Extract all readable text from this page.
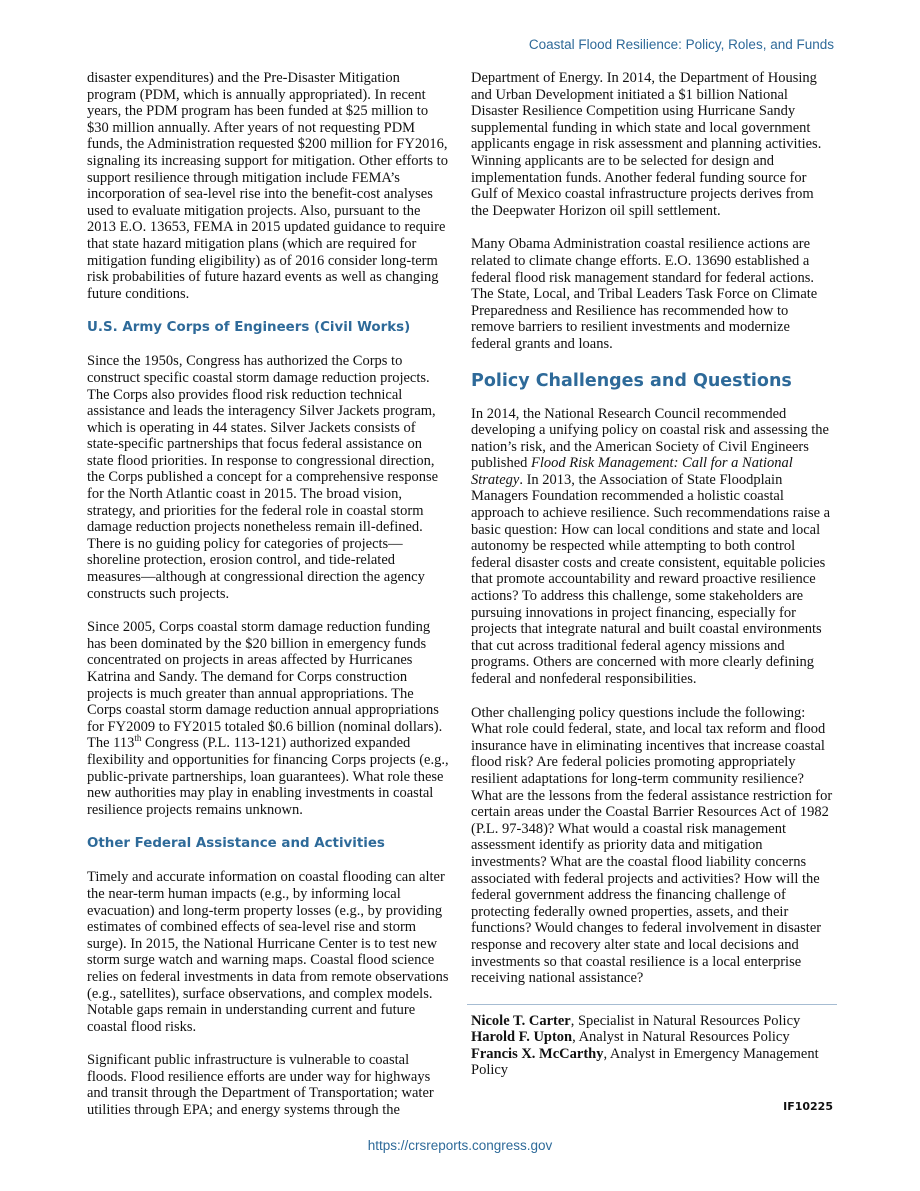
Coastal Flood Resilience: Policy, Roles, and Funds

disaster expenditures) and the Pre-Disaster Mitigation program (PDM, which is annually appropriated). In recent years, the PDM program has been funded at $25 million to $30 million annually. After years of not requesting PDM funds, the Administration requested $200 million for FY2016, signaling its increasing support for mitigation. Other efforts to support resilience through mitigation include FEMA’s incorporation of sea-level rise into the benefit-cost analyses used to evaluate mitigation projects. Also, pursuant to the 2013 E.O. 13653, FEMA in 2015 updated guidance to require that state hazard mitigation plans (which are required for mitigation funding eligibility) as of 2016 consider long-term risk probabilities of future hazard events as well as changing future conditions.

U.S. Army Corps of Engineers (Civil Works)

Since the 1950s, Congress has authorized the Corps to construct specific coastal storm damage reduction projects. The Corps also provides flood risk reduction technical assistance and leads the interagency Silver Jackets program, which is operating in 44 states. Silver Jackets consists of state-specific partnerships that focus federal assistance on state flood priorities. In response to congressional direction, the Corps published a concept for a comprehensive response for the North Atlantic coast in 2015. The broad vision, strategy, and priorities for the federal role in coastal storm damage reduction projects nonetheless remain ill-defined. There is no guiding policy for categories of projects—shoreline protection, erosion control, and tide-related measures—although at congressional direction the agency constructs such projects.

Since 2005, Corps coastal storm damage reduction funding has been dominated by the $20 billion in emergency funds concentrated on projects in areas affected by Hurricanes Katrina and Sandy. The demand for Corps construction projects is much greater than annual appropriations. The Corps coastal storm damage reduction annual appropriations for FY2009 to FY2015 totaled $0.6 billion (nominal dollars). The 113th Congress (P.L. 113-121) authorized expanded flexibility and opportunities for financing Corps projects (e.g., public-private partnerships, loan guarantees). What role these new authorities may play in enabling investments in coastal resilience projects remains unknown.

Other Federal Assistance and Activities

Timely and accurate information on coastal flooding can alter the near-term human impacts (e.g., by informing local evacuation) and long-term property losses (e.g., by providing estimates of combined effects of sea-level rise and storm surge). In 2015, the National Hurricane Center is to test new storm surge watch and warning maps. Coastal flood science relies on federal investments in data from remote observations (e.g., satellites), surface observations, and complex models. Notable gaps remain in understanding current and future coastal flood risks.

Significant public infrastructure is vulnerable to coastal floods. Flood resilience efforts are under way for highways and transit through the Department of Transportation; water utilities through EPA; and energy systems through the

Department of Energy. In 2014, the Department of Housing and Urban Development initiated a $1 billion National Disaster Resilience Competition using Hurricane Sandy supplemental funding in which state and local government applicants engage in risk assessment and planning activities. Winning applicants are to be selected for design and implementation funds. Another federal funding source for Gulf of Mexico coastal infrastructure projects derives from the Deepwater Horizon oil spill settlement.

Many Obama Administration coastal resilience actions are related to climate change efforts. E.O. 13690 established a federal flood risk management standard for federal actions. The State, Local, and Tribal Leaders Task Force on Climate Preparedness and Resilience has recommended how to remove barriers to resilient investments and modernize federal grants and loans.

Policy Challenges and Questions

In 2014, the National Research Council recommended developing a unifying policy on coastal risk and assessing the nation’s risk, and the American Society of Civil Engineers published Flood Risk Management: Call for a National Strategy. In 2013, the Association of State Floodplain Managers Foundation recommended a holistic coastal approach to achieve resilience. Such recommendations raise a basic question: How can local conditions and state and local autonomy be respected while attempting to both control federal disaster costs and create consistent, equitable policies that promote accountability and reward proactive resilience actions? To address this challenge, some stakeholders are pursuing innovations in project financing, especially for projects that integrate natural and built coastal environments that cut across traditional federal agency missions and programs. Others are concerned with more clearly defining federal and nonfederal responsibilities.

Other challenging policy questions include the following: What role could federal, state, and local tax reform and flood insurance have in eliminating incentives that increase coastal flood risk? Are federal policies promoting appropriately resilient adaptations for long-term community resilience? What are the lessons from the federal assistance restriction for certain areas under the Coastal Barrier Resources Act of 1982 (P.L. 97-348)? What would a coastal risk management assessment identify as priority data and mitigation investments? What are the coastal flood liability concerns associated with federal projects and activities? How will the federal government address the financing challenge of protecting federally owned properties, assets, and their functions? Would changes to federal involvement in disaster response and recovery alter state and local decisions and investments so that coastal resilience is a local enterprise receiving national assistance?

Nicole T. Carter, Specialist in Natural Resources Policy

Harold F. Upton, Analyst in Natural Resources Policy

Francis X. McCarthy, Analyst in Emergency Management Policy

IF10225
https://crsreports.congress.gov
